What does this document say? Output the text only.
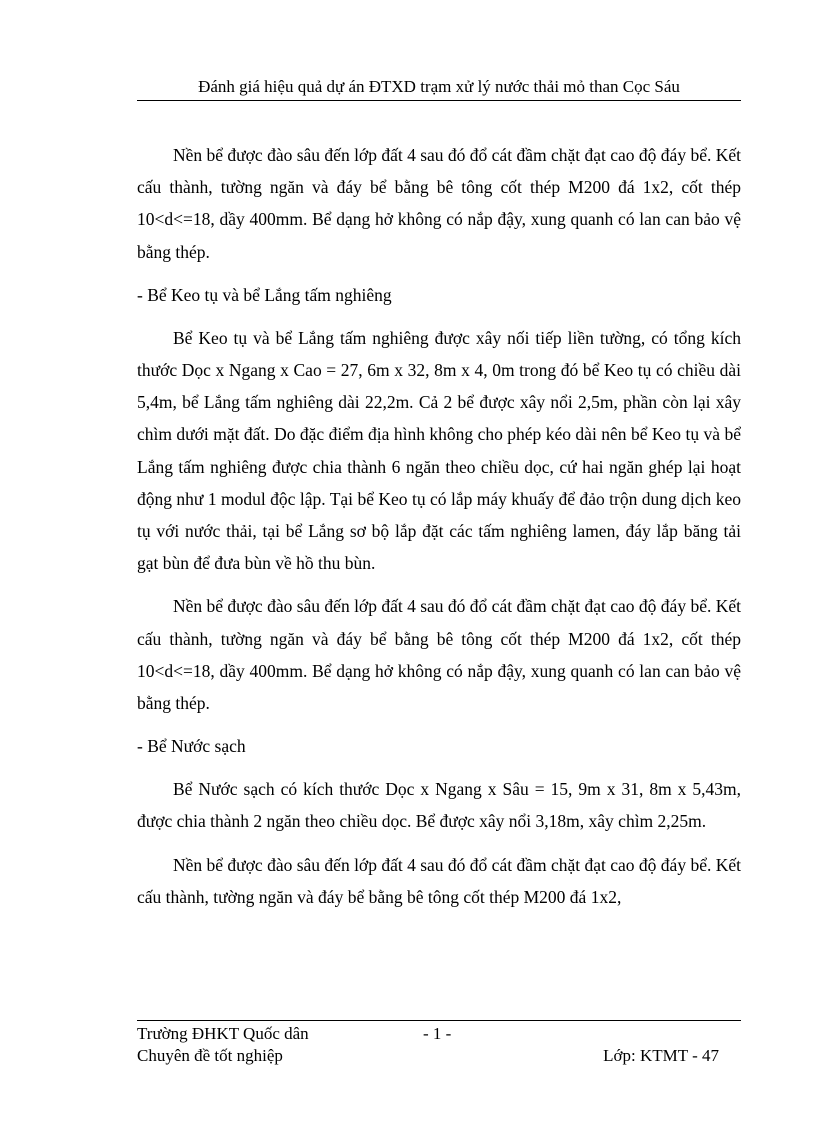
Đánh giá hiệu quả dự án ĐTXD trạm xử lý nước thải mỏ than Cọc Sáu

Nền bể được đào sâu đến lớp đất 4 sau đó đổ cát đầm chặt đạt cao độ đáy bể. Kết cấu thành, tường ngăn và đáy bể bằng bê tông cốt thép M200 đá 1x2, cốt thép 10<d<=18, dầy 400mm. Bể dạng hở không có nắp đậy, xung quanh có lan can bảo vệ bằng thép.

- Bể Keo tụ và bể Lắng tấm nghiêng

Bể Keo tụ và bể Lắng tấm nghiêng được xây nối tiếp liền tường, có tổng kích thước Dọc x Ngang x Cao = 27, 6m x 32, 8m x 4, 0m trong đó bể Keo tụ có chiều dài 5,4m, bể Lắng tấm nghiêng dài 22,2m. Cả 2 bể được xây nổi 2,5m, phần còn lại xây chìm dưới mặt đất. Do đặc điểm địa hình không cho phép kéo dài nên bể Keo tụ và bể Lắng tấm nghiêng được chia thành 6 ngăn theo chiều dọc, cứ hai ngăn ghép lại hoạt động như 1 modul độc lập. Tại bể Keo tụ có lắp máy khuấy để đảo trộn dung dịch keo tụ với nước thải, tại bể Lắng sơ bộ lắp đặt các tấm nghiêng lamen, đáy lắp băng tải gạt bùn để đưa bùn về hồ thu bùn.

Nền bể được đào sâu đến lớp đất 4 sau đó đổ cát đầm chặt đạt cao độ đáy bể. Kết cấu thành, tường ngăn và đáy bể bằng bê tông cốt thép M200 đá 1x2, cốt thép 10<d<=18, dầy 400mm. Bể dạng hở không có nắp đậy, xung quanh có lan can bảo vệ bằng thép.

- Bể Nước sạch

Bể Nước sạch có kích thước Dọc x Ngang x Sâu = 15, 9m x 31, 8m x 5,43m, được chia thành 2 ngăn theo chiều dọc. Bể được xây nổi 3,18m, xây chìm 2,25m.

Nền bể được đào sâu đến lớp đất 4 sau đó đổ cát đầm chặt đạt cao độ đáy bể. Kết cấu thành, tường ngăn và đáy bể bằng bê tông cốt thép M200 đá 1x2,

Trường ĐHKT Quốc dân	- 1 -
Chuyên đề tốt nghiệp	Lớp: KTMT - 47
